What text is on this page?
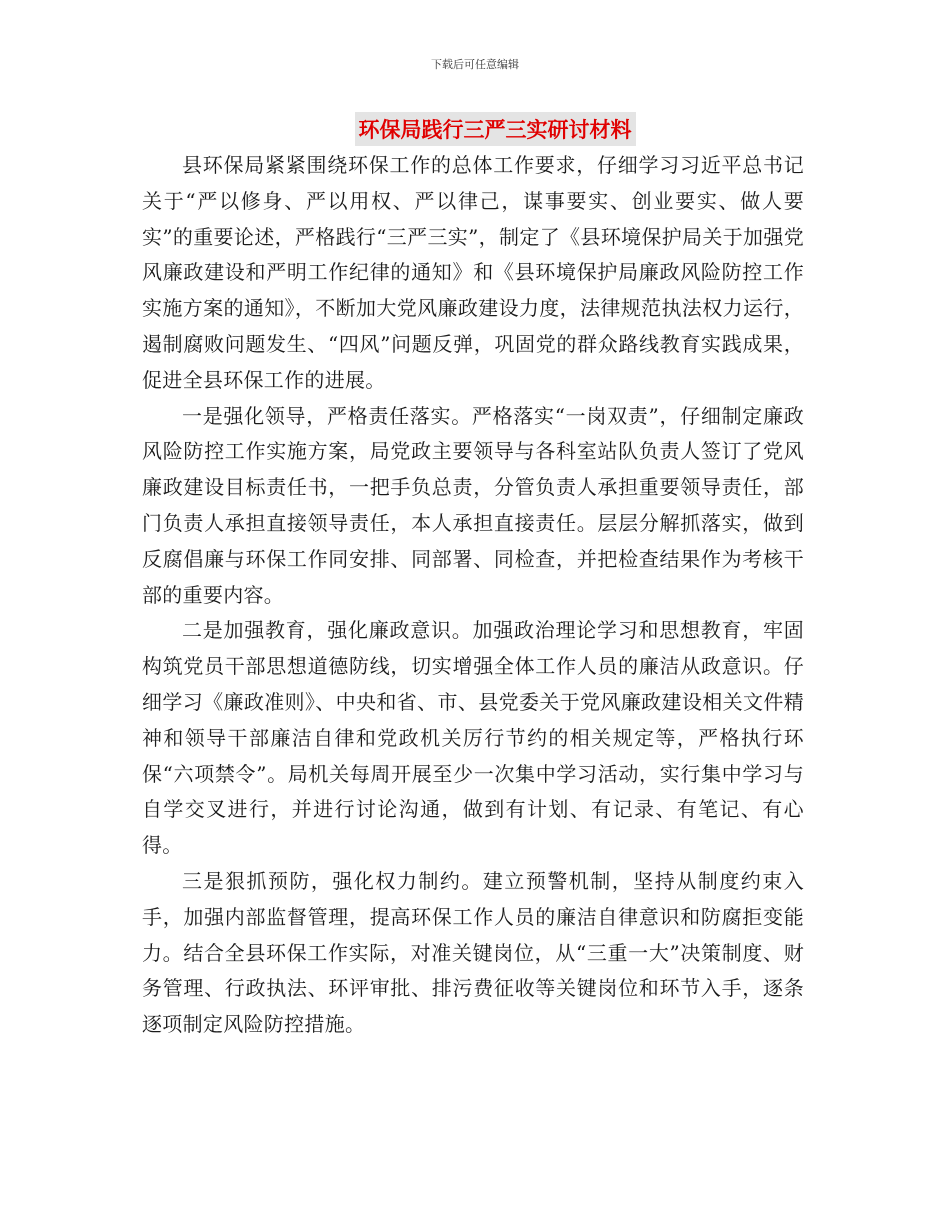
下载后可任意编辑
环保局践行三严三实研讨材料

县环保局紧紧围绕环保工作的总体工作要求，仔细学习习近平总书记关于“严以修身、严以用权、严以律己，谋事要实、创业要实、做人要实”的重要论述，严格践行“三严三实”，制定了《县环境保护局关于加强党风廉政建设和严明工作纪律的通知》和《县环境保护局廉政风险防控工作实施方案的通知》，不断加大党风廉政建设力度，法律规范执法权力运行，遏制腐败问题发生、“四风”问题反弹，巩固党的群众路线教育实践成果，促进全县环保工作的进展。

一是强化领导，严格责任落实。严格落实“一岗双责”，仔细制定廉政风险防控工作实施方案，局党政主要领导与各科室站队负责人签订了党风廉政建设目标责任书，一把手负总责，分管负责人承担重要领导责任，部门负责人承担直接领导责任，本人承担直接责任。层层分解抓落实，做到反腐倡廉与环保工作同安排、同部署、同检查，并把检查结果作为考核干部的重要内容。

二是加强教育，强化廉政意识。加强政治理论学习和思想教育，牢固构筑党员干部思想道德防线，切实增强全体工作人员的廉洁从政意识。仔细学习《廉政准则》、中央和省、市、县党委关于党风廉政建设相关文件精神和领导干部廉洁自律和党政机关厉行节约的相关规定等，严格执行环保“六项禁令”。局机关每周开展至少一次集中学习活动，实行集中学习与自学交叉进行，并进行讨论沟通，做到有计划、有记录、有笔记、有心得。

三是狠抓预防，强化权力制约。建立预警机制，坚持从制度约束入手，加强内部监督管理，提高环保工作人员的廉洁自律意识和防腐拒变能力。结合全县环保工作实际，对准关键岗位，从“三重一大”决策制度、财务管理、行政执法、环评审批、排污费征收等关键岗位和环节入手，逐条逐项制定风险防控措施。
